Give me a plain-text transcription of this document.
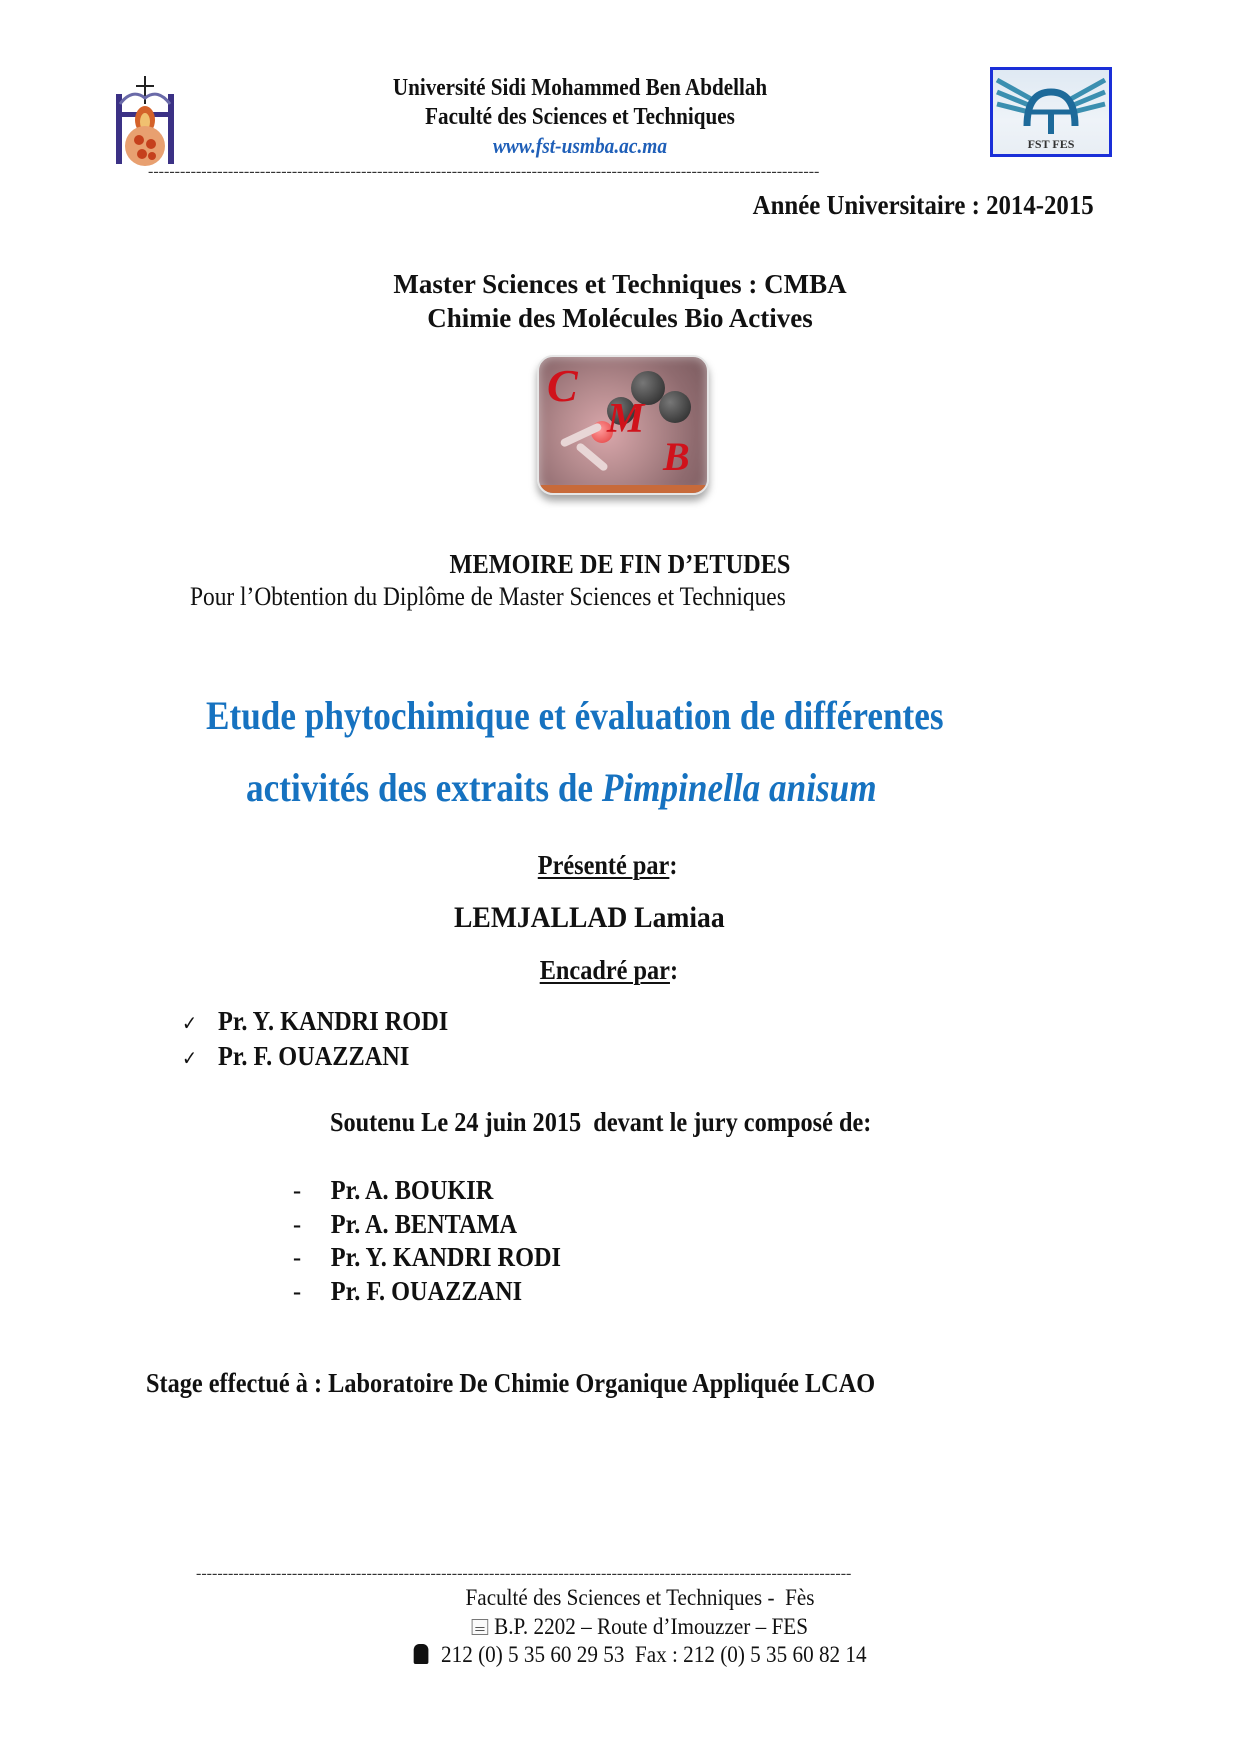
Université Sidi Mohammed Ben Abdellah
Faculté des Sciences et Techniques
www.fst-usmba.ac.ma	FST FES
------------------------------------------------------------------------------------------------------------------------------
Année Universitaire : 2014-2015
Master Sciences et Techniques : CMBA
Chimie des Molécules Bio Actives
C
M
B
MEMOIRE DE FIN D’ETUDES
Pour l’Obtention du Diplôme de Master Sciences et Techniques
Etude phytochimique et évaluation de différentes
activités des extraits de Pimpinella anisum
Présenté par:
LEMJALLAD Lamiaa
Encadré par:
✓ Pr. Y. KANDRI RODI
✓ Pr. F. OUAZZANI
Soutenu Le 24 juin 2015  devant le jury composé de:
- Pr. A. BOUKIR
- Pr. A. BENTAMA
- Pr. Y. KANDRI RODI
- Pr. F. OUAZZANI
Stage effectué à : Laboratoire De Chimie Organique Appliquée LCAO
---------------------------------------------------------------------------------------------------------------------------
Faculté des Sciences et Techniques -  Fès
B.P. 2202 – Route d’Imouzzer – FES
212 (0) 5 35 60 29 53  Fax : 212 (0) 5 35 60 82 14
